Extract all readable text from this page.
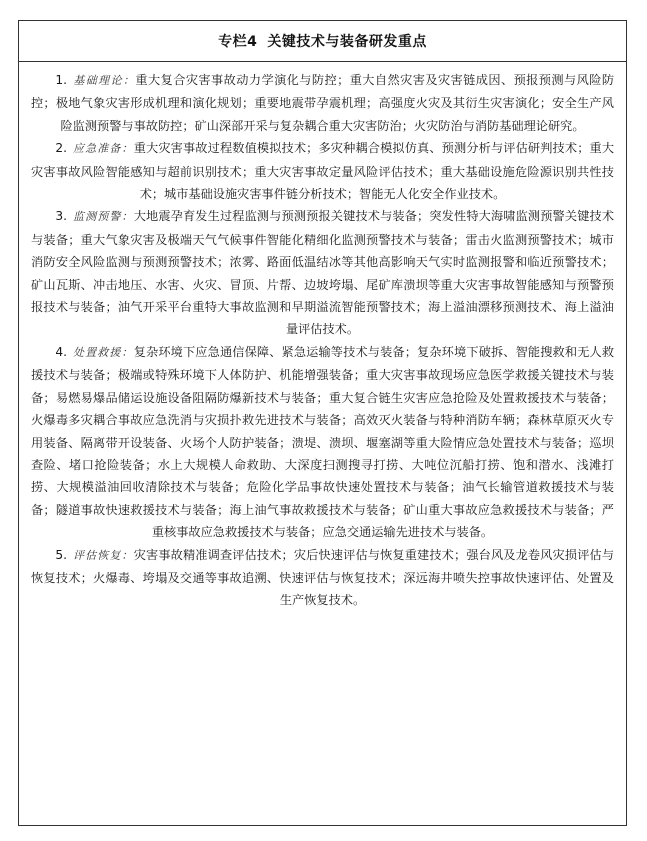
专栏4 关键技术与装备研发重点

  1. 基础理论：重大复合灾害事故动力学演化与防控；重大自然灾害及灾害链成因、预报预测与风险防控；极地气象灾害形成机理和演化规划；重要地震带孕震机理；高强度火灾及其衍生灾害演化；安全生产风险监测预警与事故防控；矿山深部开采与复杂耦合重大灾害防治；火灾防治与消防基础理论研究。

  2. 应急准备：重大灾害事故过程数值模拟技术；多灾种耦合模拟仿真、预测分析与评估研判技术；重大灾害事故风险智能感知与超前识别技术；重大灾害事故定量风险评估技术；重大基础设施危险源识别共性技术；城市基础设施灾害事件链分析技术；智能无人化安全作业技术。

  3. 监测预警：大地震孕育发生过程监测与预测预报关键技术与装备；突发性特大海啸监测预警关键技术与装备；重大气象灾害及极端天气气候事件智能化精细化监测预警技术与装备；雷击火监测预警技术；城市消防安全风险监测与预测预警技术；浓雾、路面低温结冰等其他高影响天气实时监测报警和临近预警技术；矿山瓦斯、冲击地压、水害、火灾、冒顶、片帮、边坡垮塌、尾矿库溃坝等重大灾害事故智能感知与预警预报技术与装备；油气开采平台重特大事故监测和早期溢流智能预警技术；海上溢油漂移预测技术、海上溢油量评估技术。

  4. 处置救援：复杂环境下应急通信保障、紧急运输等技术与装备；复杂环境下破拆、智能搜救和无人救援技术与装备；极端或特殊环境下人体防护、机能增强装备；重大灾害事故现场应急医学救援关键技术与装备；易燃易爆品储运设施设备阻隔防爆新技术与装备；重大复合链生灾害应急抢险及处置救援技术与装备；火爆毒多灾耦合事故应急洗消与灾损扑救先进技术与装备；高效灭火装备与特种消防车辆；森林草原灭火专用装备、隔离带开设装备、火场个人防护装备；溃堤、溃坝、堰塞湖等重大险情应急处置技术与装备；巡坝查险、堵口抢险装备；水上大规模人命救助、大深度扫测搜寻打捞、大吨位沉船打捞、饱和潜水、浅滩打捞、大规模溢油回收清除技术与装备；危险化学品事故快速处置技术与装备；油气长输管道救援技术与装备；隧道事故快速救援技术与装备；海上油气事故救援技术与装备；矿山重大事故应急救援技术与装备；严重核事故应急救援技术与装备；应急交通运输先进技术与装备。

  5. 评估恢复：灾害事故精准调查评估技术；灾后快速评估与恢复重建技术；强台风及龙卷风灾损评估与恢复技术；火爆毒、垮塌及交通等事故追溯、快速评估与恢复技术；深远海井喷失控事故快速评估、处置及生产恢复技术。
